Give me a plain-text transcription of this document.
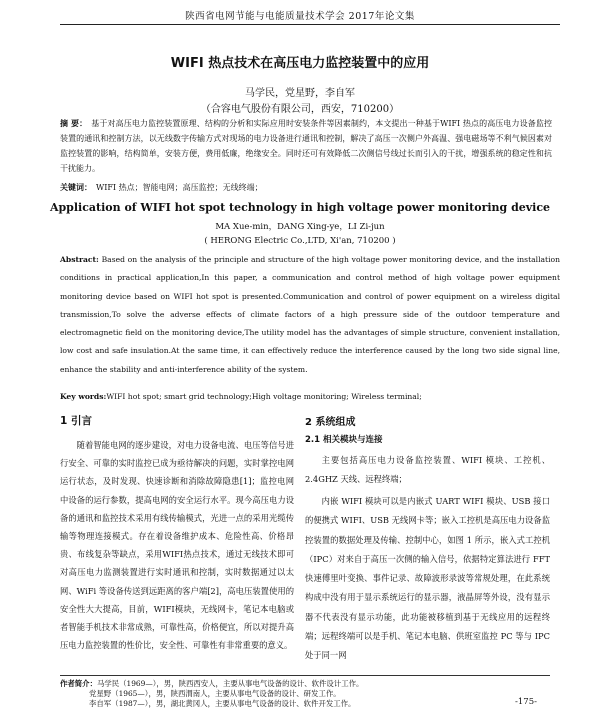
陕西省电网节能与电能质量技术学会 2017年论文集
WIFI 热点技术在高压电力监控装置中的应用
马学民，党星野，李自军
（合容电气股份有限公司，西安，710200）
摘 要： 基于对高压电力监控装置原理、结构的分析和实际应用时安装条件等因素制约，本文提出一种基于WIFI 热点的高压电力设备监控装置的通讯和控制方法，以无线数字传输方式对现场的电力设备进行通讯和控制，解决了高压一次侧户外高温、强电磁场等不利气候因素对监控装置的影响，结构简单，安装方便，费用低廉，绝缘安全。同时还可有效降低二次侧信号线过长而引入的干扰，增强系统的稳定性和抗干扰能力。
关键词： WIFI 热点；智能电网；高压监控；无线终端；
Application of WIFI hot spot technology in high voltage power monitoring device
MA Xue-min，DANG Xing-ye，LI Zi-jun
( HERONG Electric Co.,LTD, Xi'an, 710200 )
Abstract: Based on the analysis of the principle and structure of the high voltage power monitoring device, and the installation conditions in practical application,In this paper, a communication and control method of high voltage power equipment monitoring device based on WIFI hot spot is presented.Communication and control of power equipment on a wireless digital transmission,To solve the adverse effects of climate factors of a high pressure side of the outdoor temperature and electromagnetic field on the monitoring device,The utility model has the advantages of simple structure, convenient installation, low cost and safe insulation.At the same time, it can effectively reduce the interference caused by the long two side signal line, enhance the stability and anti-interference ability of the system.
Key words:WIFI hot spot; smart grid technology;High voltage monitoring; Wireless terminal;
1 引言
随着智能电网的逐步建设，对电力设备电流、电压等信号进行安全、可靠的实时监控已成为亟待解决的问题，实时掌控电网运行状态，及时发现、快速诊断和消除故障隐患[1]；监控电网中设备的运行参数，提高电网的安全运行水平。现今高压电力设备的通讯和监控技术采用有线传输模式，光进一点的采用光缆传输等物理连接模式。存在着设备维护成本、危险性高、价格昂贵、布线复杂等缺点，采用WIFI热点技术，通过无线技术即可对高压电力监测装置进行实时通讯和控制，实时数据通过以太网、WiFi 等设备传送到远距离的客户端[2]，高电压装置使用的安全性大大提高，目前，WIFI模块，无线网卡，笔记本电脑或者智能手机技术非常成熟，可靠性高，价格便宜，所以对提升高压电力监控装置的性价比，安全性、可靠性有非常重要的意义。
2 系统组成
2.1 相关模块与连接
主要包括高压电力设备监控装置、WIFI 模块、工控机、2.4GHZ 天线、远程终端；
内嵌 WIFI 模块可以是内嵌式 UART WIFI 模块、USB 接口的便携式 WIFI、USB 无线网卡等；嵌入工控机是高压电力设备监控装置的数据处理及传输、控制中心，如图 1 所示，嵌入式工控机（IPC）对来自于高压一次侧的输入信号，依据特定算法进行 FFT 快速傅里叶变换、事件记录、故障波形录波等常规处理，在此系统构成中没有用于显示系统运行的显示器，液晶屏等外设，没有显示器不代表没有显示功能，此功能被移植到基于无线应用的远程终端；远程终端可以是手机、笔记本电脑、供班室监控 PC 等与 IPC 处于同一网
作者简介：马学民（1969—），男，陕西西安人，主要从事电气设备的设计、软件设计工作。
党星野（1965—），男，陕西渭南人，主要从事电气设备的设计、研发工作。
李自军（1987—），男，湖北黄冈人，主要从事电气设备的设计、软件开发工作。	-175-
